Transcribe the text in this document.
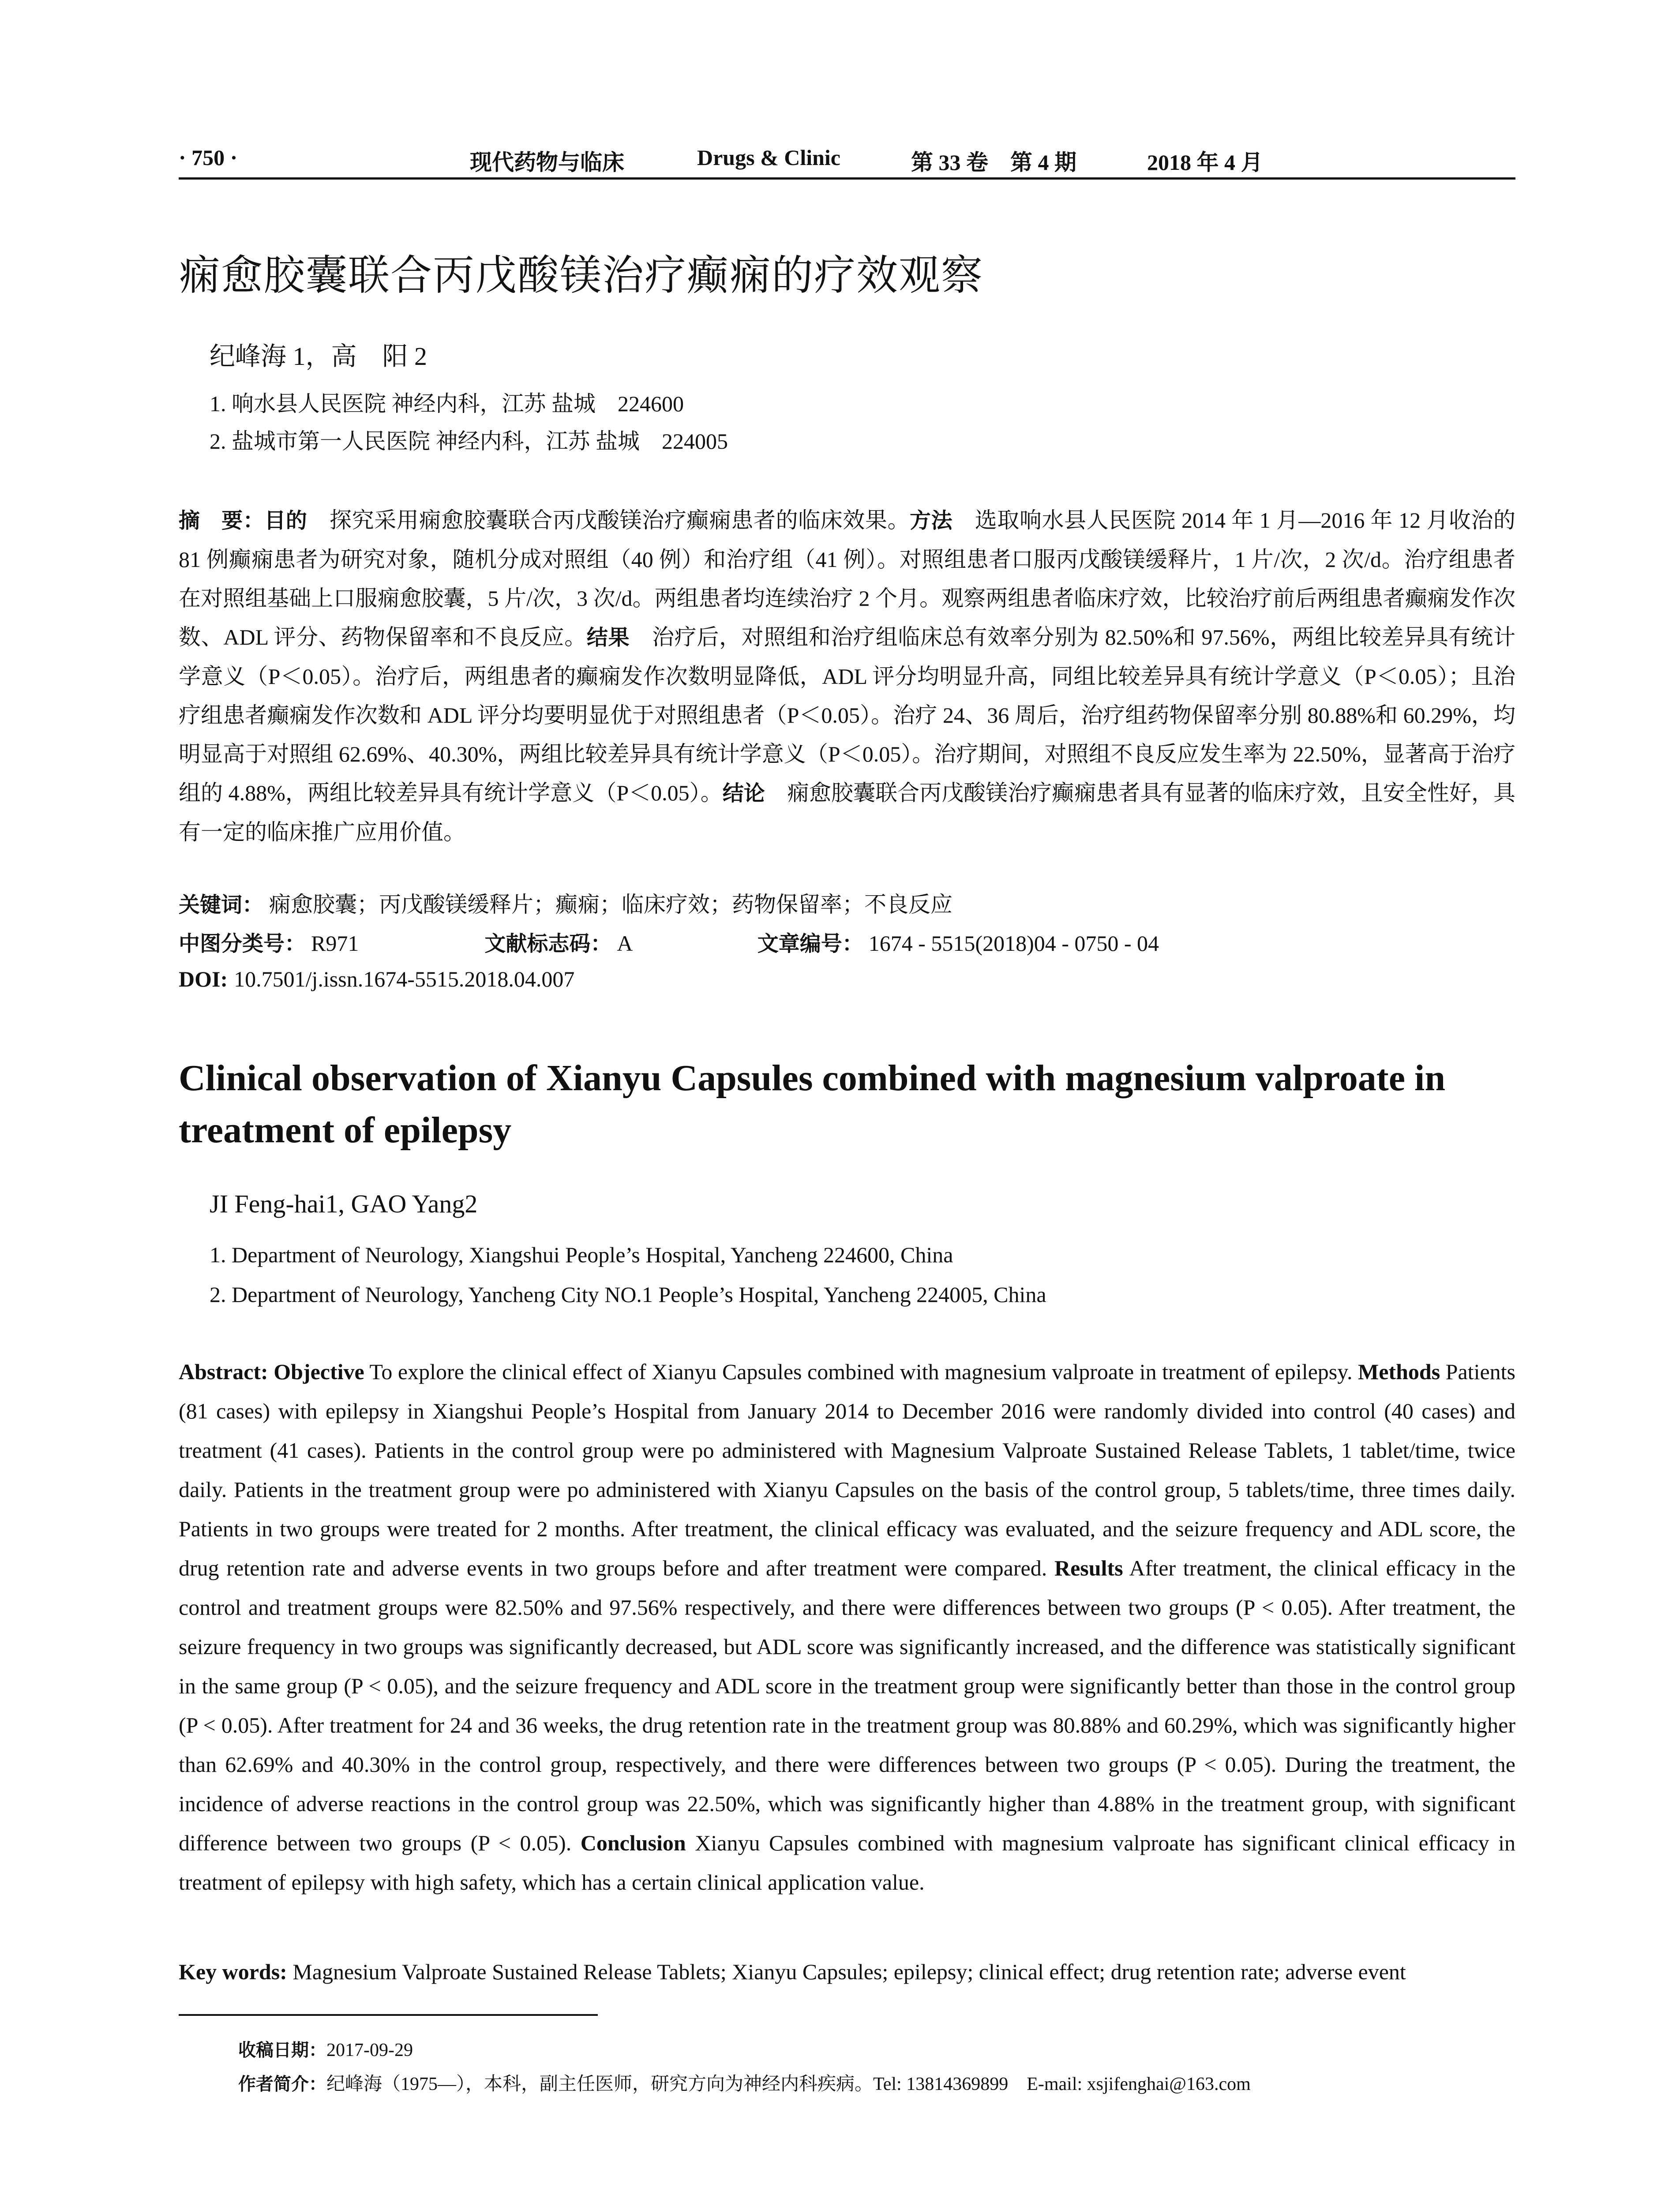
· 750 ·	现代药物与临床	Drugs & Clinic	第 33 卷　第 4 期	2018 年 4 月
痫愈胶囊联合丙戊酸镁治疗癫痫的疗效观察
纪峰海 1，高　阳 2
1. 响水县人民医院 神经内科，江苏 盐城　224600
2. 盐城市第一人民医院 神经内科，江苏 盐城　224005
摘　要：目的　探究采用痫愈胶囊联合丙戊酸镁治疗癫痫患者的临床效果。方法　选取响水县人民医院 2014 年 1 月—2016 年 12 月收治的 81 例癫痫患者为研究对象，随机分成对照组（40 例）和治疗组（41 例）。对照组患者口服丙戊酸镁缓释片，1 片/次，2 次/d。治疗组患者在对照组基础上口服痫愈胶囊，5 片/次，3 次/d。两组患者均连续治疗 2 个月。观察两组患者临床疗效，比较治疗前后两组患者癫痫发作次数、ADL 评分、药物保留率和不良反应。结果　治疗后，对照组和治疗组临床总有效率分别为 82.50%和 97.56%，两组比较差异具有统计学意义（P＜0.05）。治疗后，两组患者的癫痫发作次数明显降低，ADL 评分均明显升高，同组比较差异具有统计学意义（P＜0.05）；且治疗组患者癫痫发作次数和 ADL 评分均要明显优于对照组患者（P＜0.05）。治疗 24、36 周后，治疗组药物保留率分别 80.88%和 60.29%，均明显高于对照组 62.69%、40.30%，两组比较差异具有统计学意义（P＜0.05）。治疗期间，对照组不良反应发生率为 22.50%，显著高于治疗组的 4.88%，两组比较差异具有统计学意义（P＜0.05）。结论　痫愈胶囊联合丙戊酸镁治疗癫痫患者具有显著的临床疗效，且安全性好，具有一定的临床推广应用价值。
关键词： 痫愈胶囊；丙戊酸镁缓释片；癫痫；临床疗效；药物保留率；不良反应
中图分类号： R971	文献标志码： A	文章编号： 1674 - 5515(2018)04 - 0750 - 04
DOI: 10.7501/j.issn.1674-5515.2018.04.007
Clinical observation of Xianyu Capsules combined with magnesium valproate in treatment of epilepsy
JI Feng-hai1, GAO Yang2
1. Department of Neurology, Xiangshui People’s Hospital, Yancheng 224600, China
2. Department of Neurology, Yancheng City NO.1 People’s Hospital, Yancheng 224005, China
Abstract: Objective To explore the clinical effect of Xianyu Capsules combined with magnesium valproate in treatment of epilepsy. Methods Patients (81 cases) with epilepsy in Xiangshui People’s Hospital from January 2014 to December 2016 were randomly divided into control (40 cases) and treatment (41 cases). Patients in the control group were po administered with Magnesium Valproate Sustained Release Tablets, 1 tablet/time, twice daily. Patients in the treatment group were po administered with Xianyu Capsules on the basis of the control group, 5 tablets/time, three times daily. Patients in two groups were treated for 2 months. After treatment, the clinical efficacy was evaluated, and the seizure frequency and ADL score, the drug retention rate and adverse events in two groups before and after treatment were compared. Results After treatment, the clinical efficacy in the control and treatment groups were 82.50% and 97.56% respectively, and there were differences between two groups (P < 0.05). After treatment, the seizure frequency in two groups was significantly decreased, but ADL score was significantly increased, and the difference was statistically significant in the same group (P < 0.05), and the seizure frequency and ADL score in the treatment group were significantly better than those in the control group (P < 0.05). After treatment for 24 and 36 weeks, the drug retention rate in the treatment group was 80.88% and 60.29%, which was significantly higher than 62.69% and 40.30% in the control group, respectively, and there were differences between two groups (P < 0.05). During the treatment, the incidence of adverse reactions in the control group was 22.50%, which was significantly higher than 4.88% in the treatment group, with significant difference between two groups (P < 0.05). Conclusion Xianyu Capsules combined with magnesium valproate has significant clinical efficacy in treatment of epilepsy with high safety, which has a certain clinical application value.
Key words: Magnesium Valproate Sustained Release Tablets; Xianyu Capsules; epilepsy; clinical effect; drug retention rate; adverse event
收稿日期：2017-09-29
作者简介：纪峰海（1975—），本科，副主任医师，研究方向为神经内科疾病。Tel: 13814369899　E-mail: xsjifenghai@163.com
